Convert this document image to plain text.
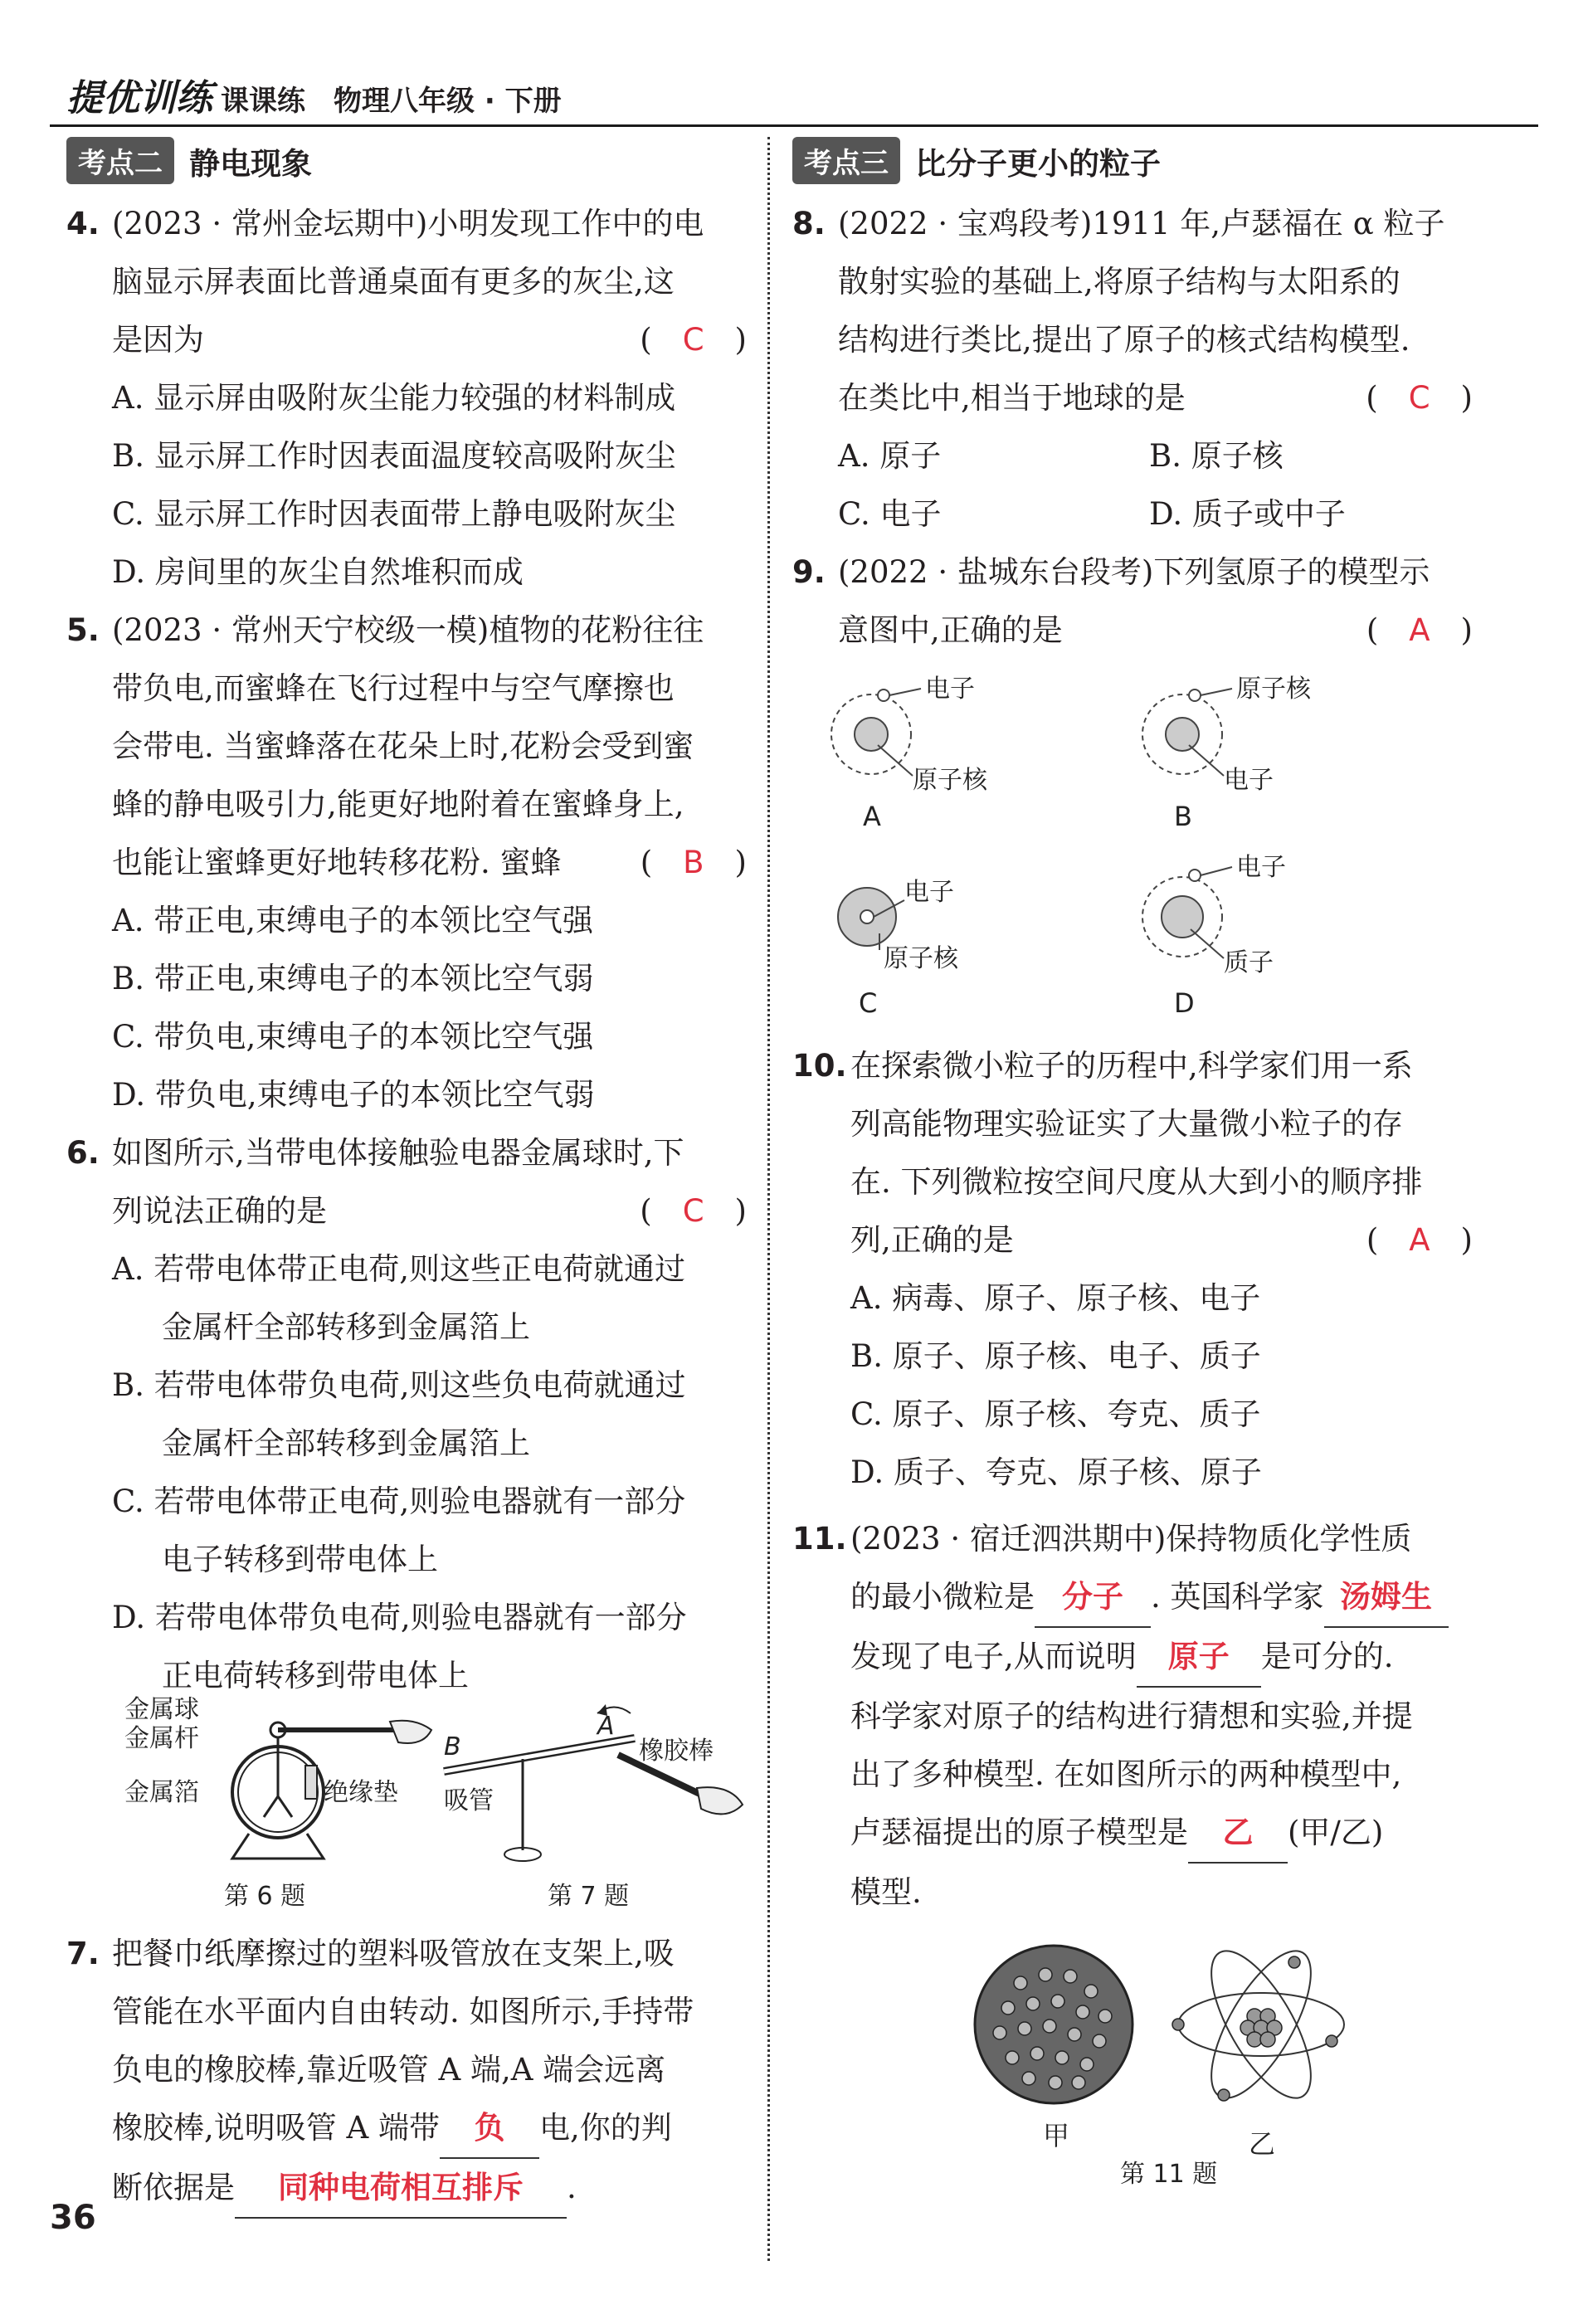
提优训练 课课练　物理八年级 · 下册
考点二 静电现象
4. (2023 · 常州金坛期中)小明发现工作中的电
脑显示屏表面比普通桌面有更多的灰尘,这
是因为	(　C　)
A. 显示屏由吸附灰尘能力较强的材料制成
B. 显示屏工作时因表面温度较高吸附灰尘
C. 显示屏工作时因表面带上静电吸附灰尘
D. 房间里的灰尘自然堆积而成
5. (2023 · 常州天宁校级一模)植物的花粉往往
带负电,而蜜蜂在飞行过程中与空气摩擦也
会带电. 当蜜蜂落在花朵上时,花粉会受到蜜
蜂的静电吸引力,能更好地附着在蜜蜂身上,
也能让蜜蜂更好地转移花粉. 蜜蜂	(　B　)
A. 带正电,束缚电子的本领比空气强
B. 带正电,束缚电子的本领比空气弱
C. 带负电,束缚电子的本领比空气强
D. 带负电,束缚电子的本领比空气弱
6. 如图所示,当带电体接触验电器金属球时,下
列说法正确的是	(　C　)
A. 若带电体带正电荷,则这些正电荷就通过
金属杆全部转移到金属箔上
B. 若带电体带负电荷,则这些负电荷就通过
金属杆全部转移到金属箔上
C. 若带电体带正电荷,则验电器就有一部分
电子转移到带电体上
D. 若带电体带负电荷,则验电器就有一部分
正电荷转移到带电体上
金属球
金属杆
金属箔	绝缘垫
第 6 题
B
A
橡胶棒
吸管
第 7 题
7. 把餐巾纸摩擦过的塑料吸管放在支架上,吸
管能在水平面内自由转动. 如图所示,手持带
负电的橡胶棒,靠近吸管 A 端,A 端会远离
橡胶棒,说明吸管 A 端带 负 电,你的判
断依据是 同种电荷相互排斥 .
考点三 比分子更小的粒子
8. (2022 · 宝鸡段考)1911 年,卢瑟福在 α 粒子
散射实验的基础上,将原子结构与太阳系的
结构进行类比,提出了原子的核式结构模型.
在类比中,相当于地球的是	(　C　)
A. 原子	B. 原子核
C. 电子	D. 质子或中子
9. (2022 · 盐城东台段考)下列氢原子的模型示
意图中,正确的是	(　A　)
电子
原子核
A
原子核
电子
B
电子
原子核
C
电子
质子
D
10. 在探索微小粒子的历程中,科学家们用一系
列高能物理实验证实了大量微小粒子的存
在. 下列微粒按空间尺度从大到小的顺序排
列,正确的是	(　A　)
A. 病毒、原子、原子核、电子
B. 原子、原子核、电子、质子
C. 原子、原子核、夸克、质子
D. 质子、夸克、原子核、原子
11. (2023 · 宿迁泗洪期中)保持物质化学性质
的最小微粒是 分子 . 英国科学家 汤姆生
发现了电子,从而说明 原子 是可分的.
科学家对原子的结构进行猜想和实验,并提
出了多种模型. 在如图所示的两种模型中,
卢瑟福提出的原子模型是 乙 (甲/乙)
模型.
甲	乙
第 11 题
36
